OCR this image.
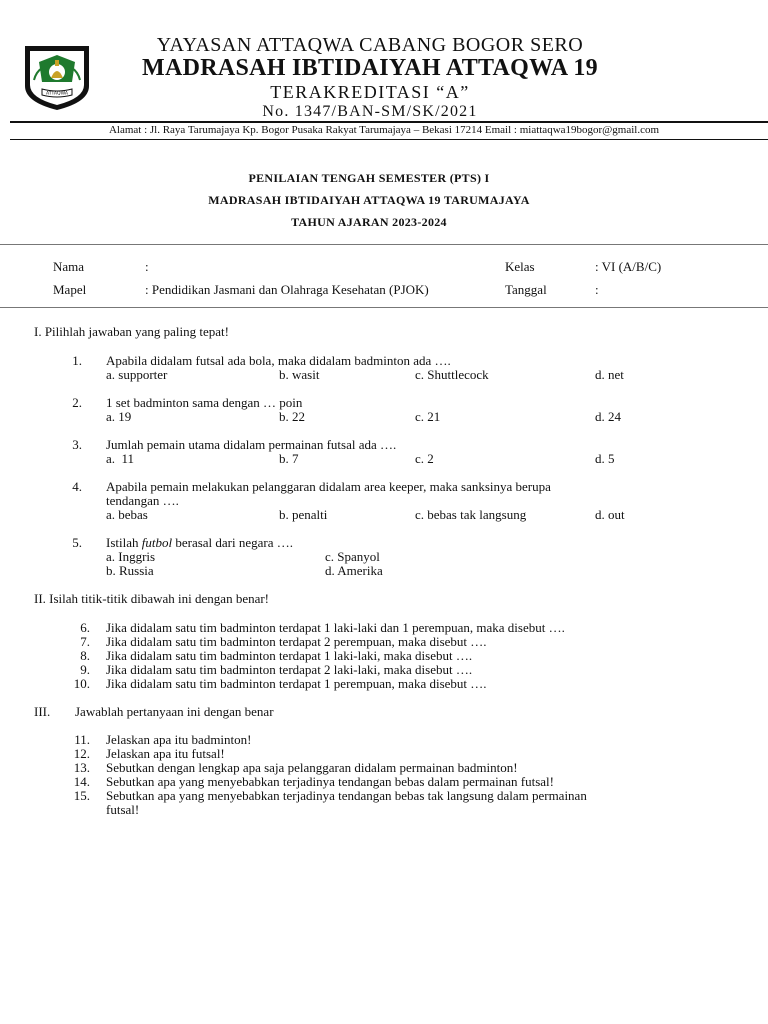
ATTAQWA
YAYASAN ATTAQWA CABANG BOGOR SERO
MADRASAH IBTIDAIYAH ATTAQWA 19
TERAKREDITASI “A”
No. 1347/BAN-SM/SK/2021
Alamat : Jl. Raya Tarumajaya Kp. Bogor Pusaka Rakyat Tarumajaya – Bekasi 17214 Email : miattaqwa19bogor@gmail.com
PENILAIAN TENGAH SEMESTER (PTS) I
MADRASAH IBTIDAIYAH ATTAQWA 19 TARUMAJAYA
TAHUN AJARAN 2023-2024
Nama	:	Kelas	: VI (A/B/C)
Mapel	: Pendidikan Jasmani dan Olahraga Kesehatan (PJOK)	Tanggal	:
I. Pilihlah jawaban yang paling tepat!
1. Apabila didalam futsal ada bola, maka didalam badminton ada ….
a. supporter	b. wasit	c. Shuttlecock	d. net
2. 1 set badminton sama dengan … poin
a. 19	b. 22	c. 21	d. 24
3. Jumlah pemain utama didalam permainan futsal ada ….
a.  11	b. 7	c. 2	d. 5
4. Apabila pemain melakukan pelanggaran didalam area keeper, maka sanksinya berupa
tendangan ….
a. bebas	b. penalti	c. bebas tak langsung	d. out
5. Istilah futbol berasal dari negara ….
a. Inggris	c. Spanyol
b. Russia	d. Amerika
II. Isilah titik-titik dibawah ini dengan benar!
6. Jika didalam satu tim badminton terdapat 1 laki-laki dan 1 perempuan, maka disebut ….
7. Jika didalam satu tim badminton terdapat 2 perempuan, maka disebut ….
8. Jika didalam satu tim badminton terdapat 1 laki-laki, maka disebut ….
9. Jika didalam satu tim badminton terdapat 2 laki-laki, maka disebut ….
10. Jika didalam satu tim badminton terdapat 1 perempuan, maka disebut ….
III. Jawablah pertanyaan ini dengan benar
11. Jelaskan apa itu badminton!
12. Jelaskan apa itu futsal!
13. Sebutkan dengan lengkap apa saja pelanggaran didalam permainan badminton!
14. Sebutkan apa yang menyebabkan terjadinya tendangan bebas dalam permainan futsal!
15. Sebutkan apa yang menyebabkan terjadinya tendangan bebas tak langsung dalam permainan
futsal!
